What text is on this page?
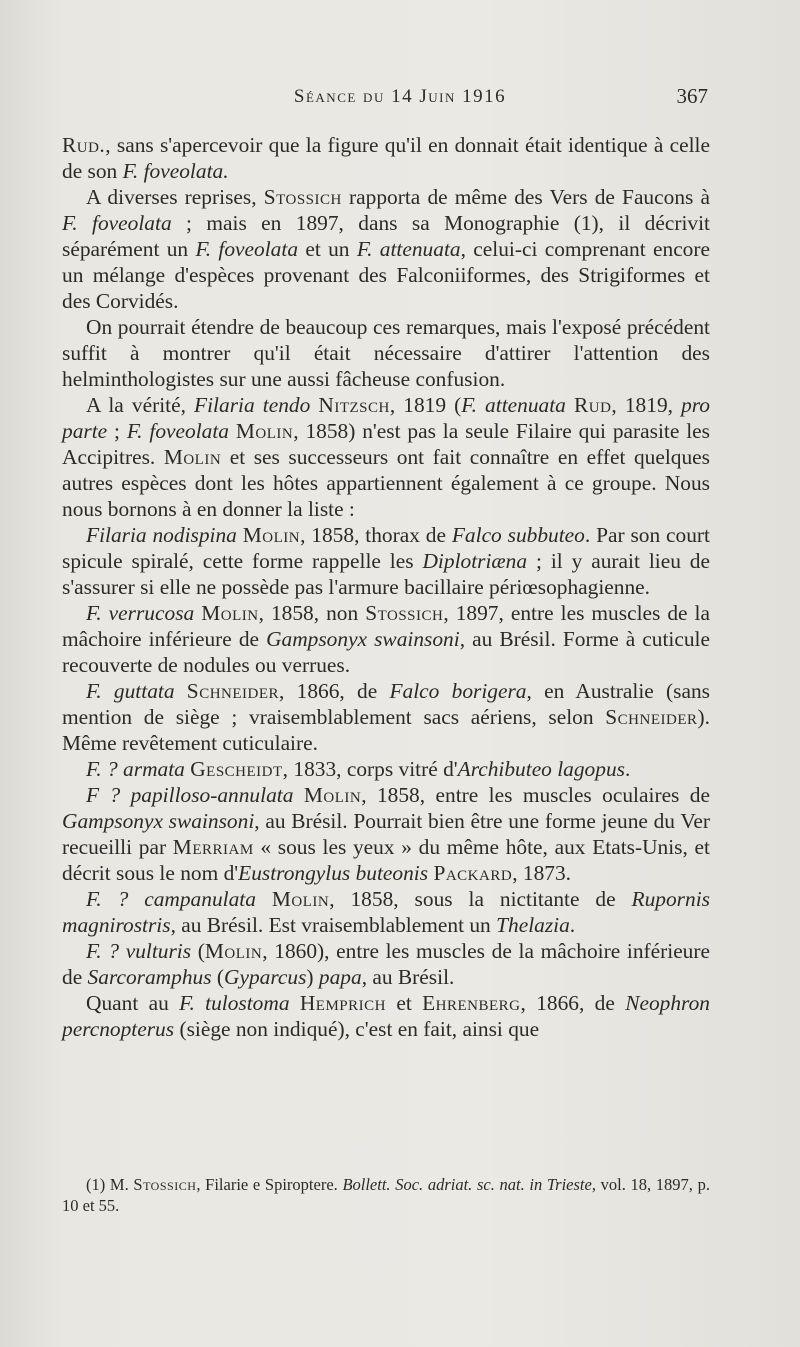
Séance du 14 Juin 1916	367

Rud., sans s'apercevoir que la figure qu'il en donnait était identique à celle de son F. foveolata.

A diverses reprises, Stossich rapporta de même des Vers de Faucons à F. foveolata ; mais en 1897, dans sa Monographie (1), il décrivit séparément un F. foveolata et un F. attenuata, celui-ci comprenant encore un mélange d'espèces provenant des Falconiiformes, des Strigiformes et des Corvidés.

On pourrait étendre de beaucoup ces remarques, mais l'exposé précédent suffit à montrer qu'il était nécessaire d'attirer l'attention des helminthologistes sur une aussi fâcheuse confusion.

A la vérité, Filaria tendo Nitzsch, 1819 (F. attenuata Rud, 1819, pro parte ; F. foveolata Molin, 1858) n'est pas la seule Filaire qui parasite les Accipitres. Molin et ses successeurs ont fait connaître en effet quelques autres espèces dont les hôtes appartiennent également à ce groupe. Nous nous bornons à en donner la liste :

Filaria nodispina Molin, 1858, thorax de Falco subbuteo. Par son court spicule spiralé, cette forme rappelle les Diplotriæna ; il y aurait lieu de s'assurer si elle ne possède pas l'armure bacillaire périœsophagienne.

F. verrucosa Molin, 1858, non Stossich, 1897, entre les muscles de la mâchoire inférieure de Gampsonyx swainsoni, au Brésil. Forme à cuticule recouverte de nodules ou verrues.

F. guttata Schneider, 1866, de Falco borigera, en Australie (sans mention de siège ; vraisemblablement sacs aériens, selon Schneider). Même revêtement cuticulaire.

F. ? armata Gescheidt, 1833, corps vitré d'Archibuteo lagopus.

F ? papilloso-annulata Molin, 1858, entre les muscles oculaires de Gampsonyx swainsoni, au Brésil. Pourrait bien être une forme jeune du Ver recueilli par Merriam « sous les yeux » du même hôte, aux Etats-Unis, et décrit sous le nom d'Eustrongylus buteonis Packard, 1873.

F. ? campanulata Molin, 1858, sous la nictitante de Rupornis magnirostris, au Brésil. Est vraisemblablement un Thelazia.

F. ? vulturis (Molin, 1860), entre les muscles de la mâchoire inférieure de Sarcoramphus (Gyparcus) papa, au Brésil.

Quant au F. tulostoma Hemprich et Ehrenberg, 1866, de Neophron percnopterus (siège non indiqué), c'est en fait, ainsi que

(1) M. Stossich, Filarie e Spiroptere. Bollett. Soc. adriat. sc. nat. in Trieste, vol. 18, 1897, p. 10 et 55.
